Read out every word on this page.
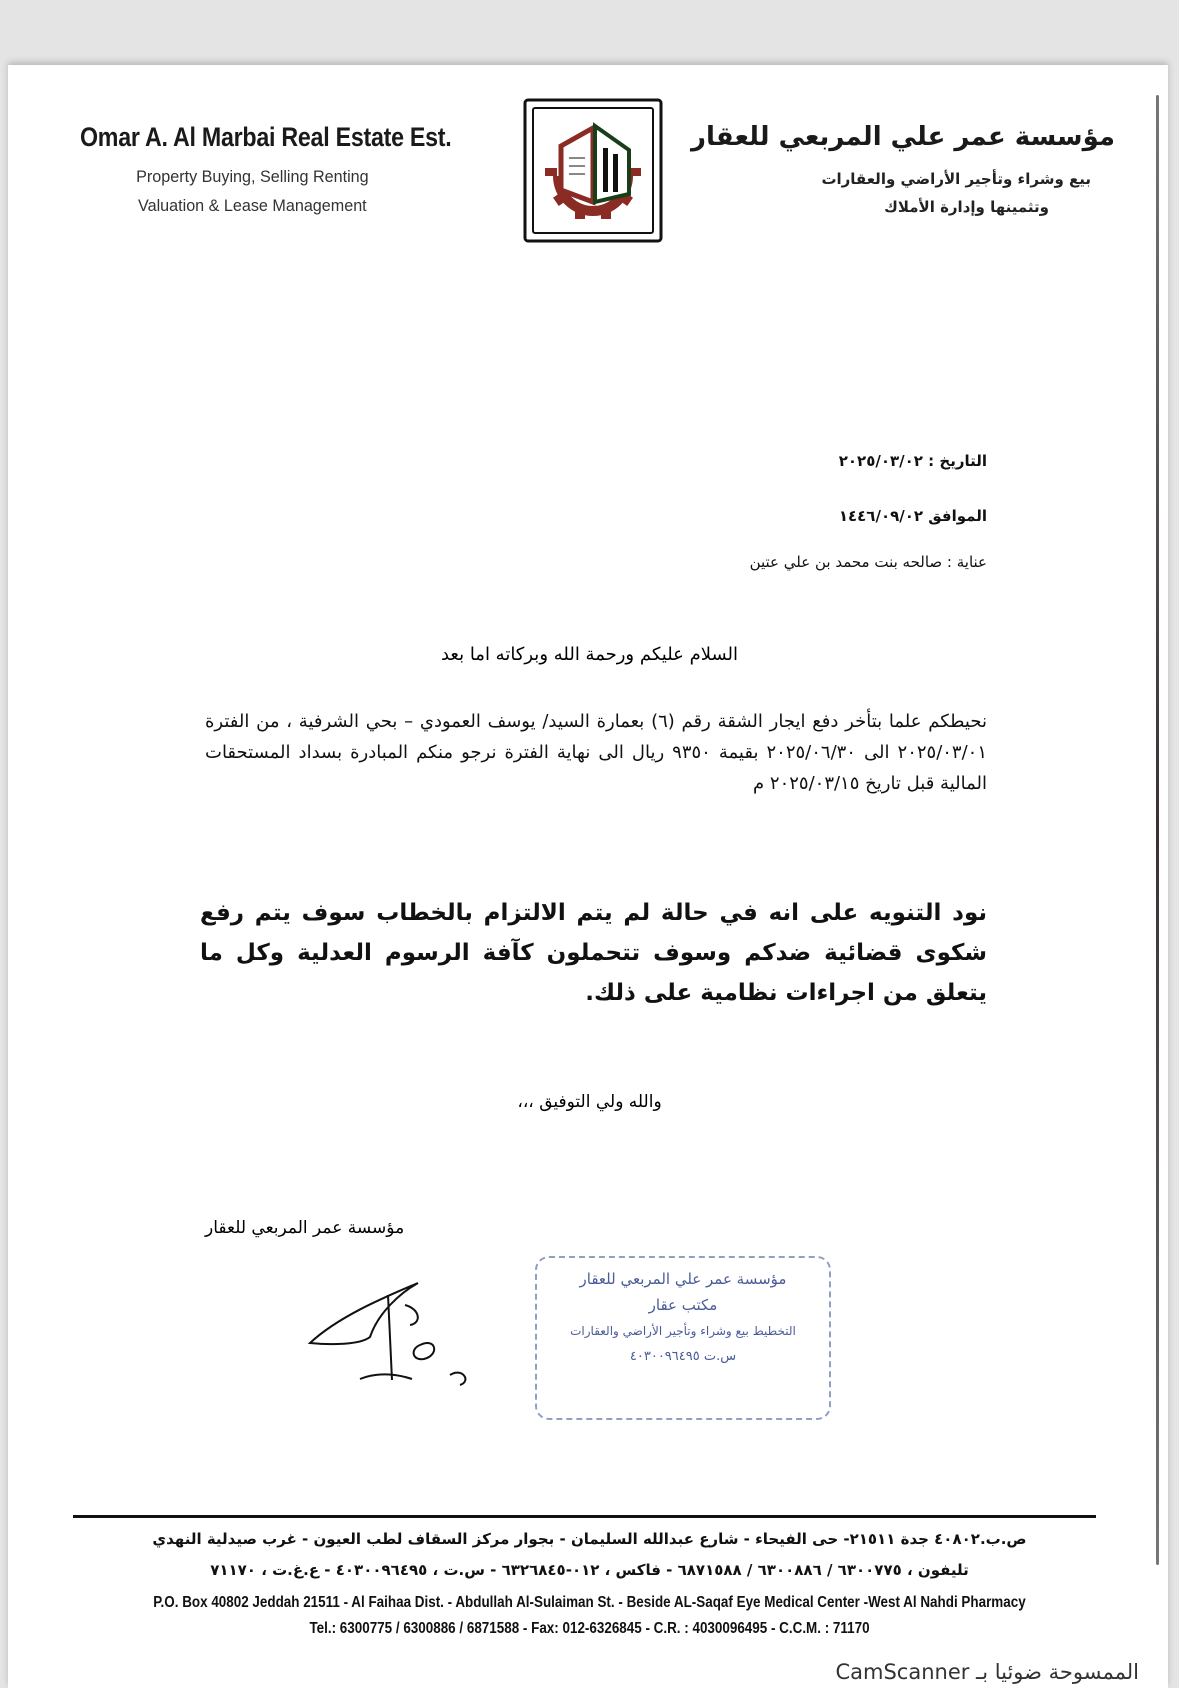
Omar A. Al Marbai Real Estate Est.
Property Buying, Selling Renting
Valuation & Lease Management
مؤسسة عمر علي المربعي للعقار
بيع وشراء وتأجير الأراضي والعقارات
وتثمينها وإدارة الأملاك
التاريخ : ٢٠٢٥/٠٣/٠٢
الموافق ١٤٤٦/٠٩/٠٢
عناية : صالحه بنت محمد بن علي عتين
السلام عليكم ورحمة الله وبركاته اما بعد
نحيطكم علما بتأخر دفع ايجار الشقة رقم (٦) بعمارة السيد/ يوسف العمودي – بحي الشرفية ، من الفترة ٢٠٢٥/٠٣/٠١ الى ٢٠٢٥/٠٦/٣٠ بقيمة ٩٣٥٠ ريال الى نهاية الفترة نرجو منكم المبادرة بسداد المستحقات المالية قبل تاريخ ٢٠٢٥/٠٣/١٥ م
نود التنويه على انه في حالة لم يتم الالتزام بالخطاب سوف يتم رفع شكوى قضائية ضدكم وسوف تتحملون كآفة الرسوم العدلية وكل ما يتعلق من اجراءات نظامية على ذلك.
والله ولي التوفيق ،،،
مؤسسة عمر المربعي للعقار
مؤسسة عمر علي المربعي للعقار
مكتب عقار
التخطيط بيع وشراء وتأجير الأراضي والعقارات
س.ت ٤٠٣٠٠٩٦٤٩٥
ص.ب.٤٠٨٠٢ جدة ٢١٥١١- حى الفيحاء - شارع عبدالله السليمان - بجوار مركز السقاف لطب العيون - غرب صيدلية النهدي
تليفون ، ٦٣٠٠٧٧٥ / ٦٣٠٠٨٨٦ / ٦٨٧١٥٨٨ - فاكس ، ٠١٢-٦٣٢٦٨٤٥ - س.ت ، ٤٠٣٠٠٩٦٤٩٥ - ع.غ.ت ، ٧١١٧٠
P.O. Box 40802 Jeddah 21511 - Al Faihaa Dist. - Abdullah Al-Sulaiman St. - Beside AL-Saqaf Eye Medical Center -West Al Nahdi Pharmacy
Tel.: 6300775 / 6300886 / 6871588 - Fax: 012-6326845 - C.R. : 4030096495 - C.C.M. : 71170
الممسوحة ضوئيا بـ CamScanner
